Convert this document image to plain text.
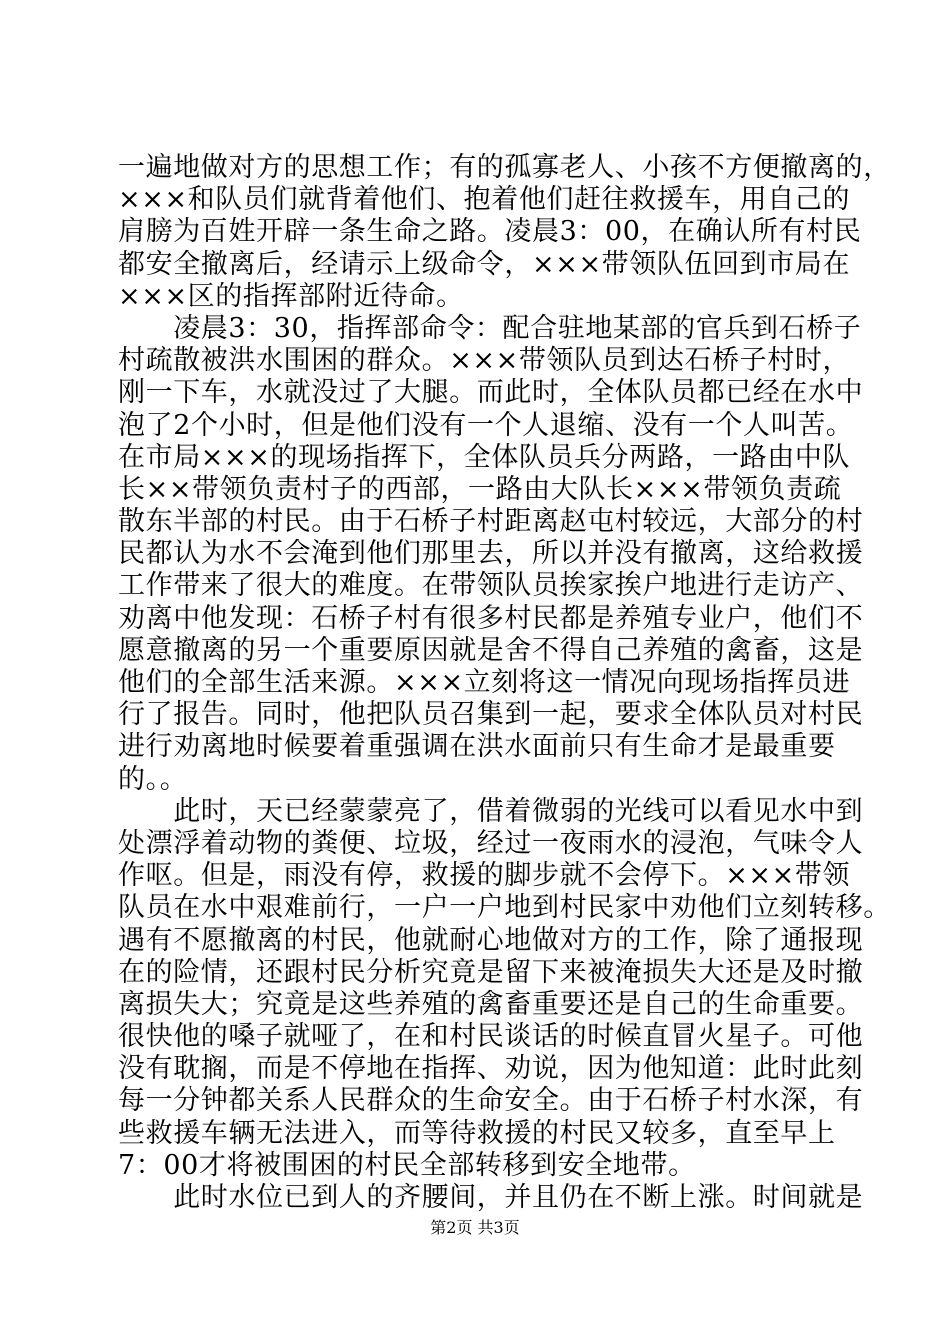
一遍地做对方的思想工作；有的孤寡老人、小孩不方便撤离的，
×××和队员们就背着他们、抱着他们赶往救援车，用自己的
肩膀为百姓开辟一条生命之路。凌晨3：00，在确认所有村民
都安全撤离后，经请示上级命令，×××带领队伍回到市局在
×××区的指挥部附近待命。
　　凌晨3：30，指挥部命令：配合驻地某部的官兵到石桥子
村疏散被洪水围困的群众。×××带领队员到达石桥子村时，
刚一下车，水就没过了大腿。而此时，全体队员都已经在水中
泡了2个小时，但是他们没有一个人退缩、没有一个人叫苦。
在市局×××的现场指挥下，全体队员兵分两路，一路由中队
长××带领负责村子的西部，一路由大队长×××带领负责疏
散东半部的村民。由于石桥子村距离赵屯村较远，大部分的村
民都认为水不会淹到他们那里去，所以并没有撤离，这给救援
工作带来了很大的难度。在带领队员挨家挨户地进行走访产、
劝离中他发现：石桥子村有很多村民都是养殖专业户，他们不
愿意撤离的另一个重要原因就是舍不得自己养殖的禽畜，这是
他们的全部生活来源。×××立刻将这一情况向现场指挥员进
行了报告。同时，他把队员召集到一起，要求全体队员对村民
进行劝离地时候要着重强调在洪水面前只有生命才是最重要
的。。
　　此时，天已经蒙蒙亮了，借着微弱的光线可以看见水中到
处漂浮着动物的粪便、垃圾，经过一夜雨水的浸泡，气味令人
作呕。但是，雨没有停，救援的脚步就不会停下。×××带领
队员在水中艰难前行，一户一户地到村民家中劝他们立刻转移。
遇有不愿撤离的村民，他就耐心地做对方的工作，除了通报现
在的险情，还跟村民分析究竟是留下来被淹损失大还是及时撤
离损失大；究竟是这些养殖的禽畜重要还是自己的生命重要。
很快他的嗓子就哑了，在和村民谈话的时候直冒火星子。可他
没有耽搁，而是不停地在指挥、劝说，因为他知道：此时此刻
每一分钟都关系人民群众的生命安全。由于石桥子村水深，有
些救援车辆无法进入，而等待救援的村民又较多，直至早上
7：00才将被围困的村民全部转移到安全地带。
　　此时水位已到人的齐腰间，并且仍在不断上涨。时间就是
第2页 共3页
